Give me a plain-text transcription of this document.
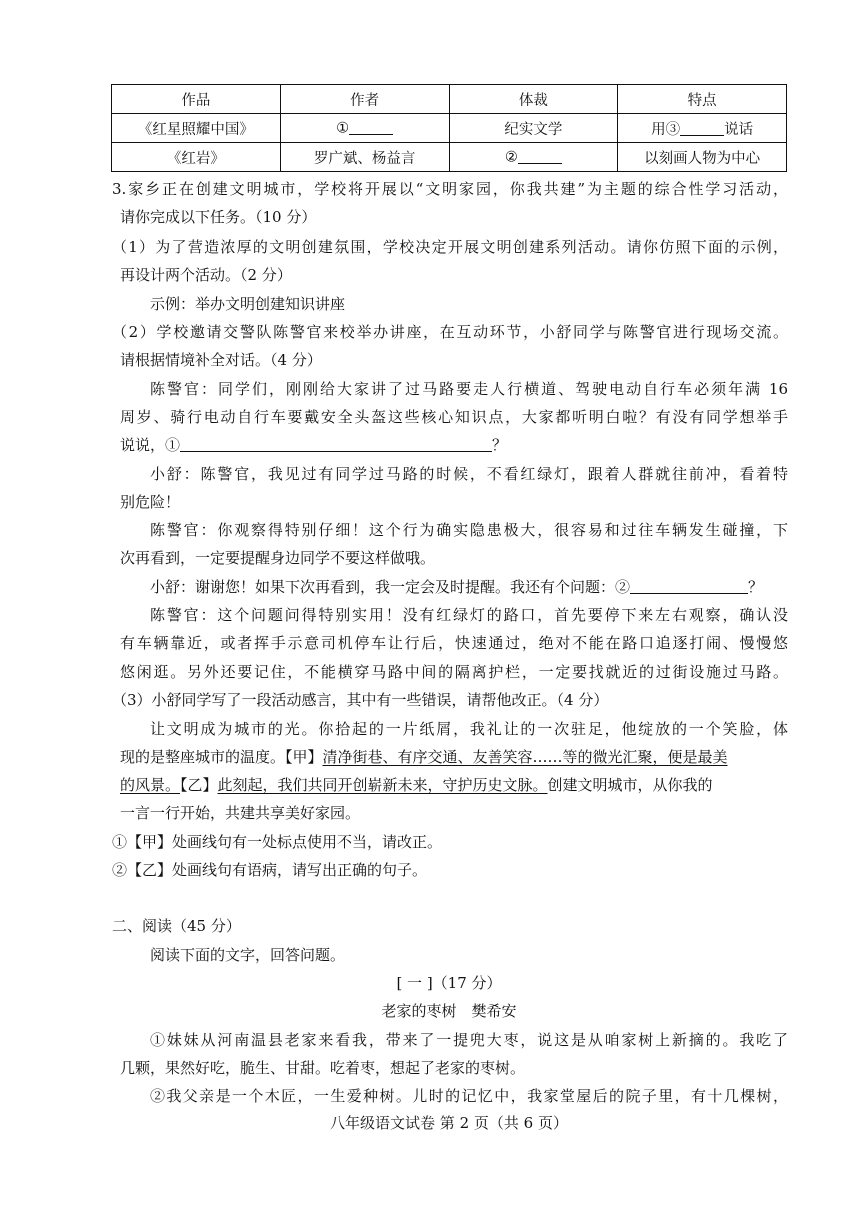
作品	作者	体裁	特点
《红星照耀中国》	①	纪实文学	用③ 说话
《红岩》	罗广斌、杨益言	②	以刻画人物为中心
3.家乡正在创建文明城市，学校将开展以“文明家园，你我共建”为主题的综合性学习活动，
请你完成以下任务。（10 分）
（1）为了营造浓厚的文明创建氛围，学校决定开展文明创建系列活动。请你仿照下面的示例，
再设计两个活动。（2 分）
示例：举办文明创建知识讲座
（2）学校邀请交警队陈警官来校举办讲座，在互动环节，小舒同学与陈警官进行现场交流。
请根据情境补全对话。（4 分）
陈警官：同学们，刚刚给大家讲了过马路要走人行横道、驾驶电动自行车必须年满 16
周岁、骑行电动自行车要戴安全头盔这些核心知识点，大家都听明白啦？有没有同学想举手
说说，①	？
小舒：陈警官，我见过有同学过马路的时候，不看红绿灯，跟着人群就往前冲，看着特
别危险！
陈警官：你观察得特别仔细！这个行为确实隐患极大，很容易和过往车辆发生碰撞，下
次再看到，一定要提醒身边同学不要这样做哦。
小舒：谢谢您！如果下次再看到，我一定会及时提醒。我还有个问题：②	？
陈警官：这个问题问得特别实用！没有红绿灯的路口，首先要停下来左右观察，确认没
有车辆靠近，或者挥手示意司机停车让行后，快速通过，绝对不能在路口追逐打闹、慢慢悠
悠闲逛。另外还要记住，不能横穿马路中间的隔离护栏，一定要找就近的过街设施过马路。
（3）小舒同学写了一段活动感言，其中有一些错误，请帮他改正。（4 分）
让文明成为城市的光。你拾起的一片纸屑，我礼让的一次驻足，他绽放的一个笑脸，体
现的是整座城市的温度。【甲】清净街巷、有序交通、友善笑容……等的微光汇聚，便是最美
的风景。【乙】此刻起，我们共同开创崭新未来，守护历史文脉。创建文明城市，从你我的
一言一行开始，共建共享美好家园。
①【甲】处画线句有一处标点使用不当，请改正。
②【乙】处画线句有语病，请写出正确的句子。
二、阅读（45 分）
阅读下面的文字，回答问题。
[ 一 ]（17 分）
老家的枣树　樊希安
①妹妹从河南温县老家来看我，带来了一提兜大枣，说这是从咱家树上新摘的。我吃了
几颗，果然好吃，脆生、甘甜。吃着枣，想起了老家的枣树。
②我父亲是一个木匠，一生爱种树。儿时的记忆中，我家堂屋后的院子里，有十几棵树，
八年级语文试卷 第 2 页（共 6 页）
